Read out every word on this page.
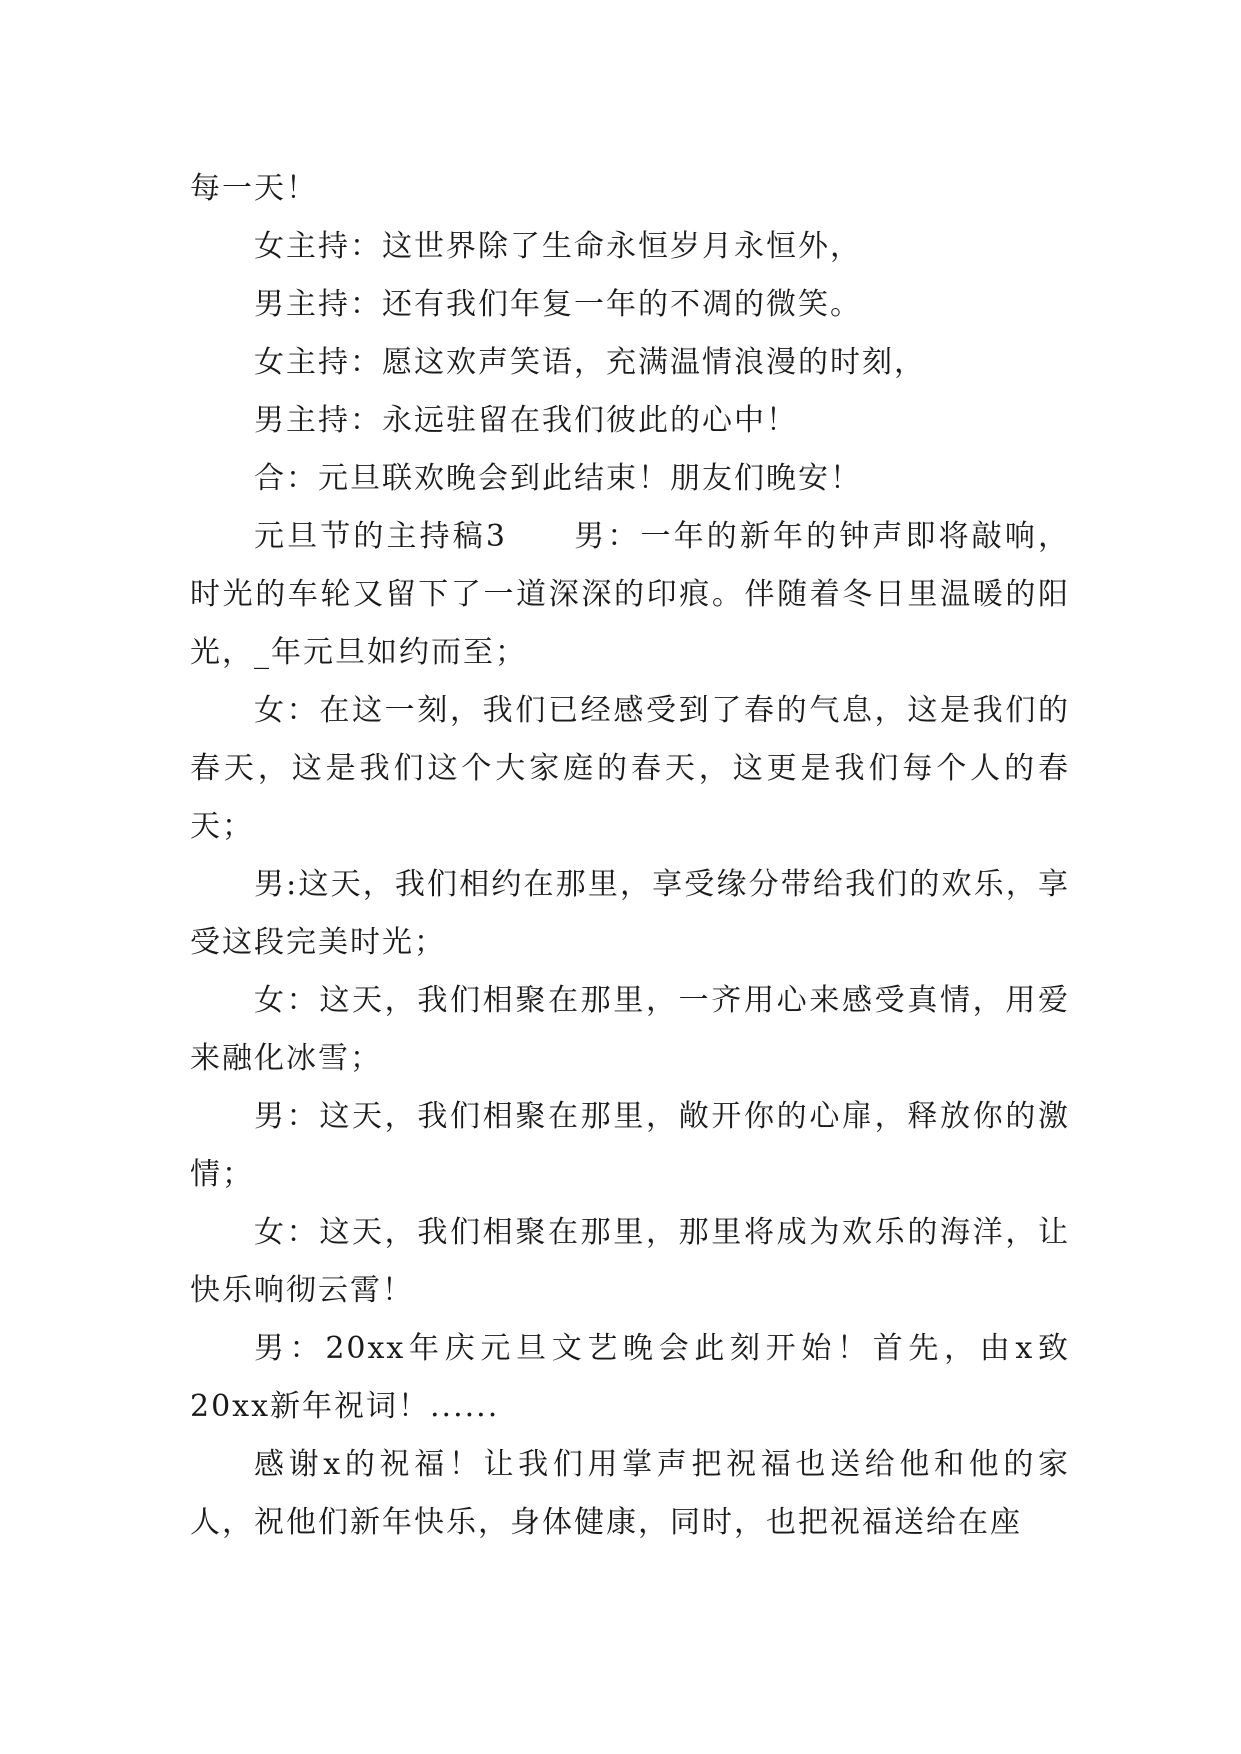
每一天！

女主持：这世界除了生命永恒岁月永恒外，

男主持：还有我们年复一年的不凋的微笑。

女主持：愿这欢声笑语，充满温情浪漫的时刻，

男主持：永远驻留在我们彼此的心中！

合：元旦联欢晚会到此结束！朋友们晚安！

元旦节的主持稿3　　男：一年的新年的钟声即将敲响，时光的车轮又留下了一道深深的印痕。伴随着冬日里温暖的阳光，_年元旦如约而至；

女：在这一刻，我们已经感受到了春的气息，这是我们的春天，这是我们这个大家庭的春天，这更是我们每个人的春天；

男:这天，我们相约在那里，享受缘分带给我们的欢乐，享受这段完美时光；

女：这天，我们相聚在那里，一齐用心来感受真情，用爱来融化冰雪；

男：这天，我们相聚在那里，敞开你的心扉，释放你的激情；

女：这天，我们相聚在那里，那里将成为欢乐的海洋，让快乐响彻云霄！

男：20xx年庆元旦文艺晚会此刻开始！首先，由x致20xx新年祝词！......

感谢x的祝福！让我们用掌声把祝福也送给他和他的家人，祝他们新年快乐，身体健康，同时，也把祝福送给在座
